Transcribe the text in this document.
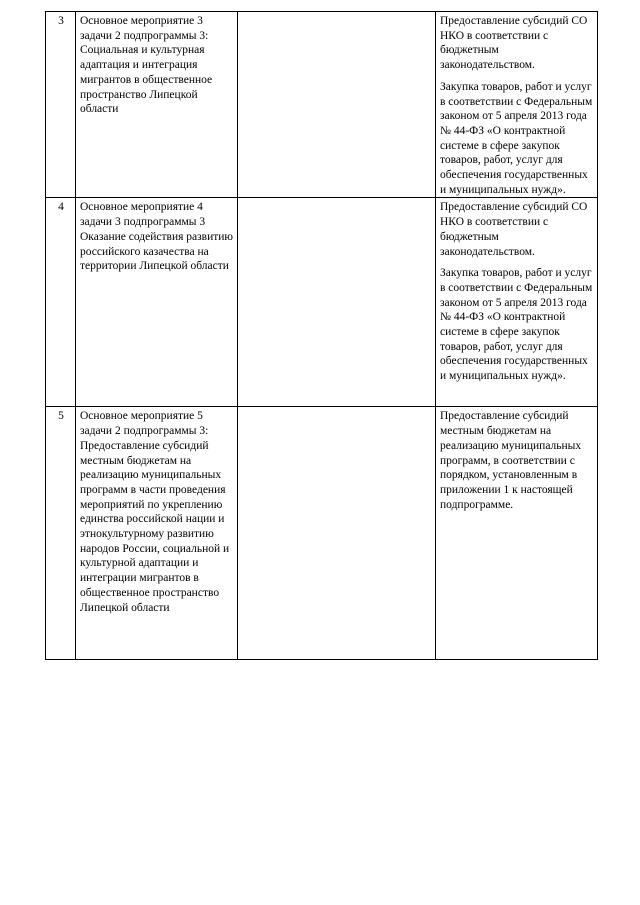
3	Основное мероприятие 3 задачи 2 подпрограммы 3: Социальная и культурная адаптация и интеграция мигрантов в общественное пространство Липецкой области		Предоставление субсидий СО НКО в соответствии с бюджетным законодательством.

Закупка товаров, работ и услуг в соответствии с Федеральным законом от 5 апреля 2013 года № 44-ФЗ «О контрактной системе в сфере закупок товаров, работ, услуг для обеспечения государственных и муниципальных нужд».

4	Основное мероприятие 4 задачи 3 подпрограммы 3 Оказание содействия развитию российского казачества на территории Липецкой области		Предоставление субсидий СО НКО в соответствии с бюджетным законодательством.

Закупка товаров, работ и услуг в соответствии с Федеральным законом от 5 апреля 2013 года № 44-ФЗ «О контрактной системе в сфере закупок товаров, работ, услуг для обеспечения государственных и муниципальных нужд».

5	Основное мероприятие 5 задачи 2 подпрограммы 3: Предоставление субсидий местным бюджетам на реализацию муниципальных программ в части проведения мероприятий по укреплению единства российской нации и этнокультурному развитию народов России, социальной и культурной адаптации и интеграции мигрантов в общественное пространство Липецкой области		Предоставление субсидий местным бюджетам на реализацию муниципальных программ, в соответствии с порядком, установленным в приложении 1 к настоящей подпрограмме.
